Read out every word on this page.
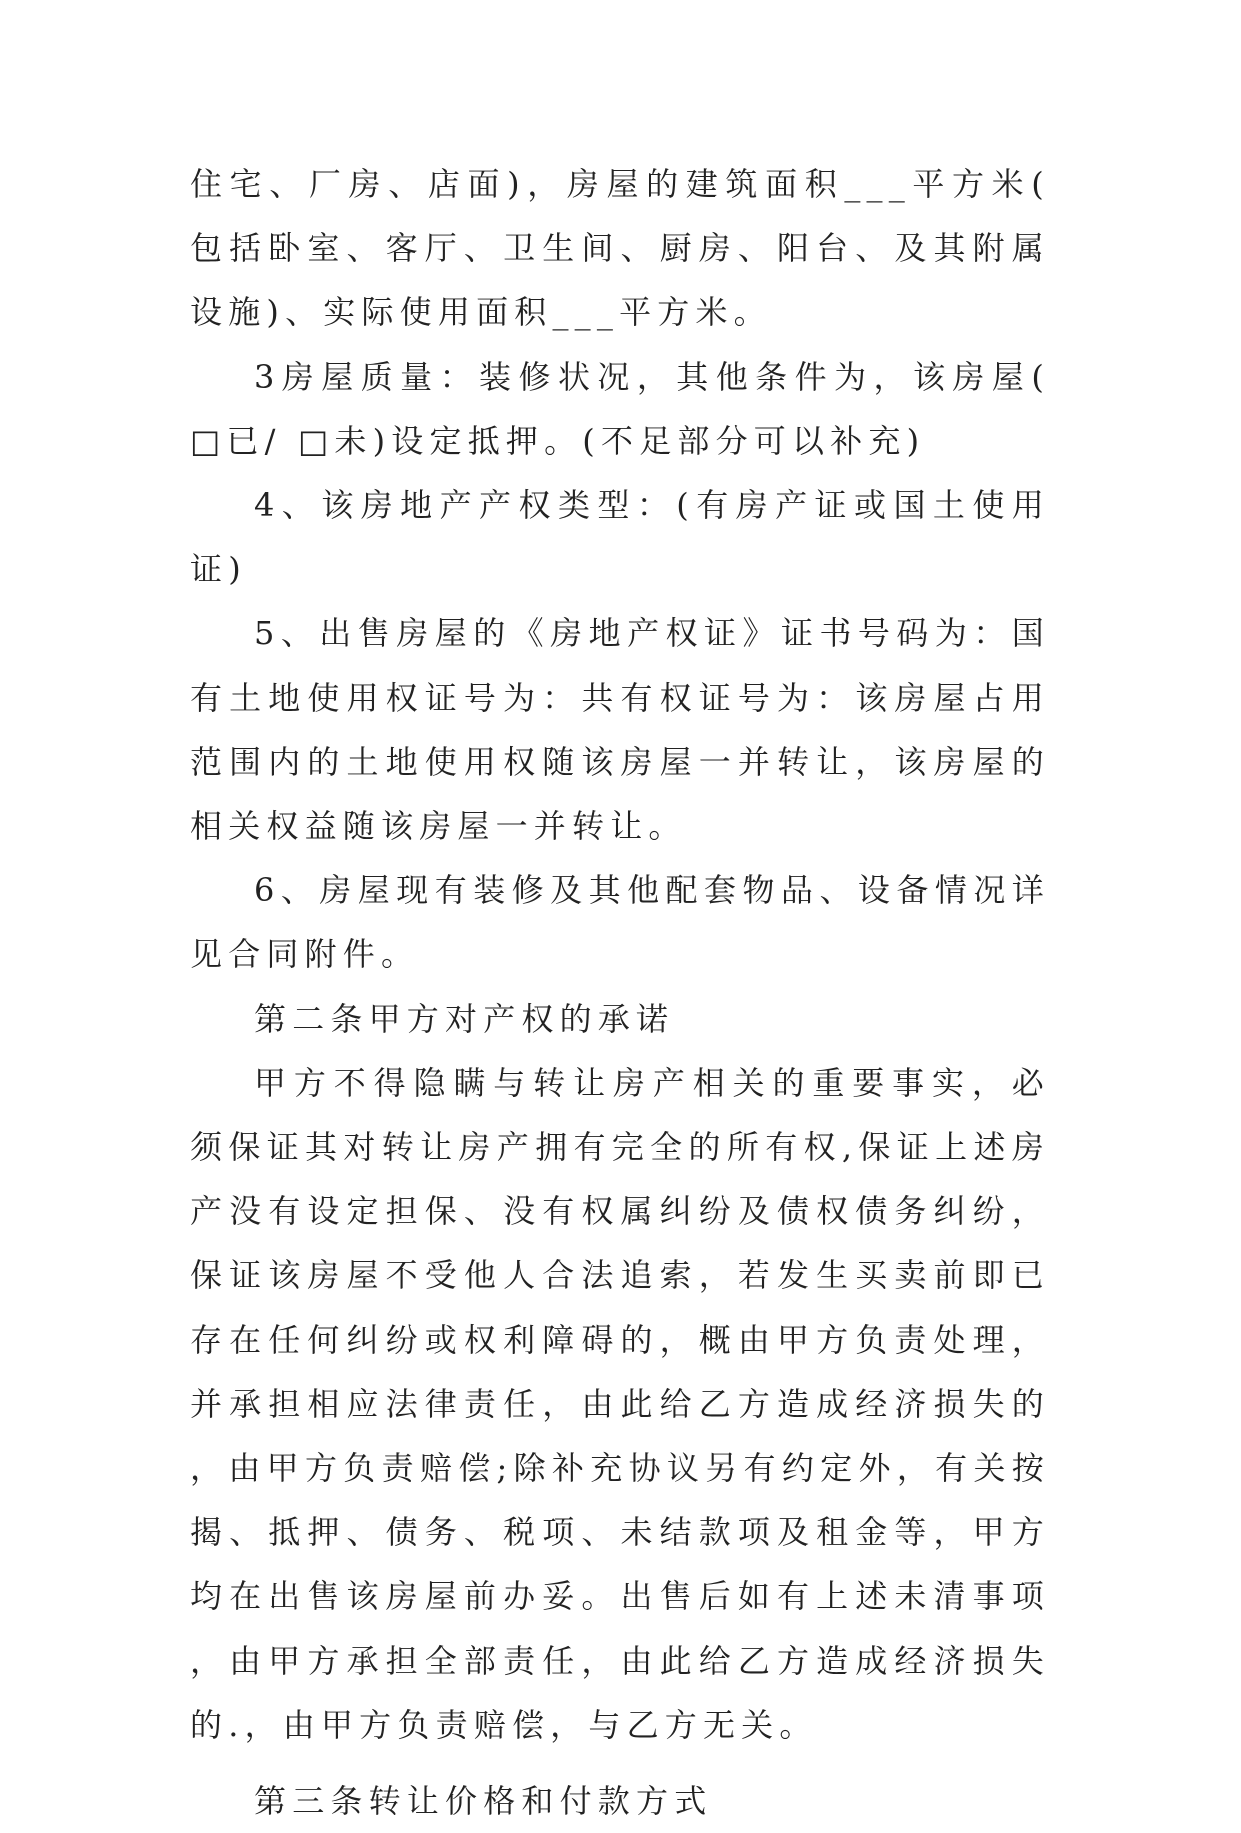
住宅、厂房、店面)，房屋的建筑面积___平方米(包括卧室、客厅、卫生间、厨房、阳台、及其附属设施)、实际使用面积___平方米。

3房屋质量：装修状况，其他条件为，该房屋(□已/ □未)设定抵押。(不足部分可以补充)

4、该房地产产权类型：(有房产证或国土使用证)

5、出售房屋的《房地产权证》证书号码为：国有土地使用权证号为：共有权证号为：该房屋占用范围内的土地使用权随该房屋一并转让，该房屋的相关权益随该房屋一并转让。

6、房屋现有装修及其他配套物品、设备情况详见合同附件。

第二条甲方对产权的承诺

甲方不得隐瞒与转让房产相关的重要事实，必须保证其对转让房产拥有完全的所有权,保证上述房产没有设定担保、没有权属纠纷及债权债务纠纷，保证该房屋不受他人合法追索，若发生买卖前即已存在任何纠纷或权利障碍的，概由甲方负责处理，并承担相应法律责任，由此给乙方造成经济损失的，由甲方负责赔偿;除补充协议另有约定外，有关按揭、抵押、债务、税项、未结款项及租金等，甲方均在出售该房屋前办妥。出售后如有上述未清事项，由甲方承担全部责任，由此给乙方造成经济损失的.，由甲方负责赔偿，与乙方无关。

第三条转让价格和付款方式
